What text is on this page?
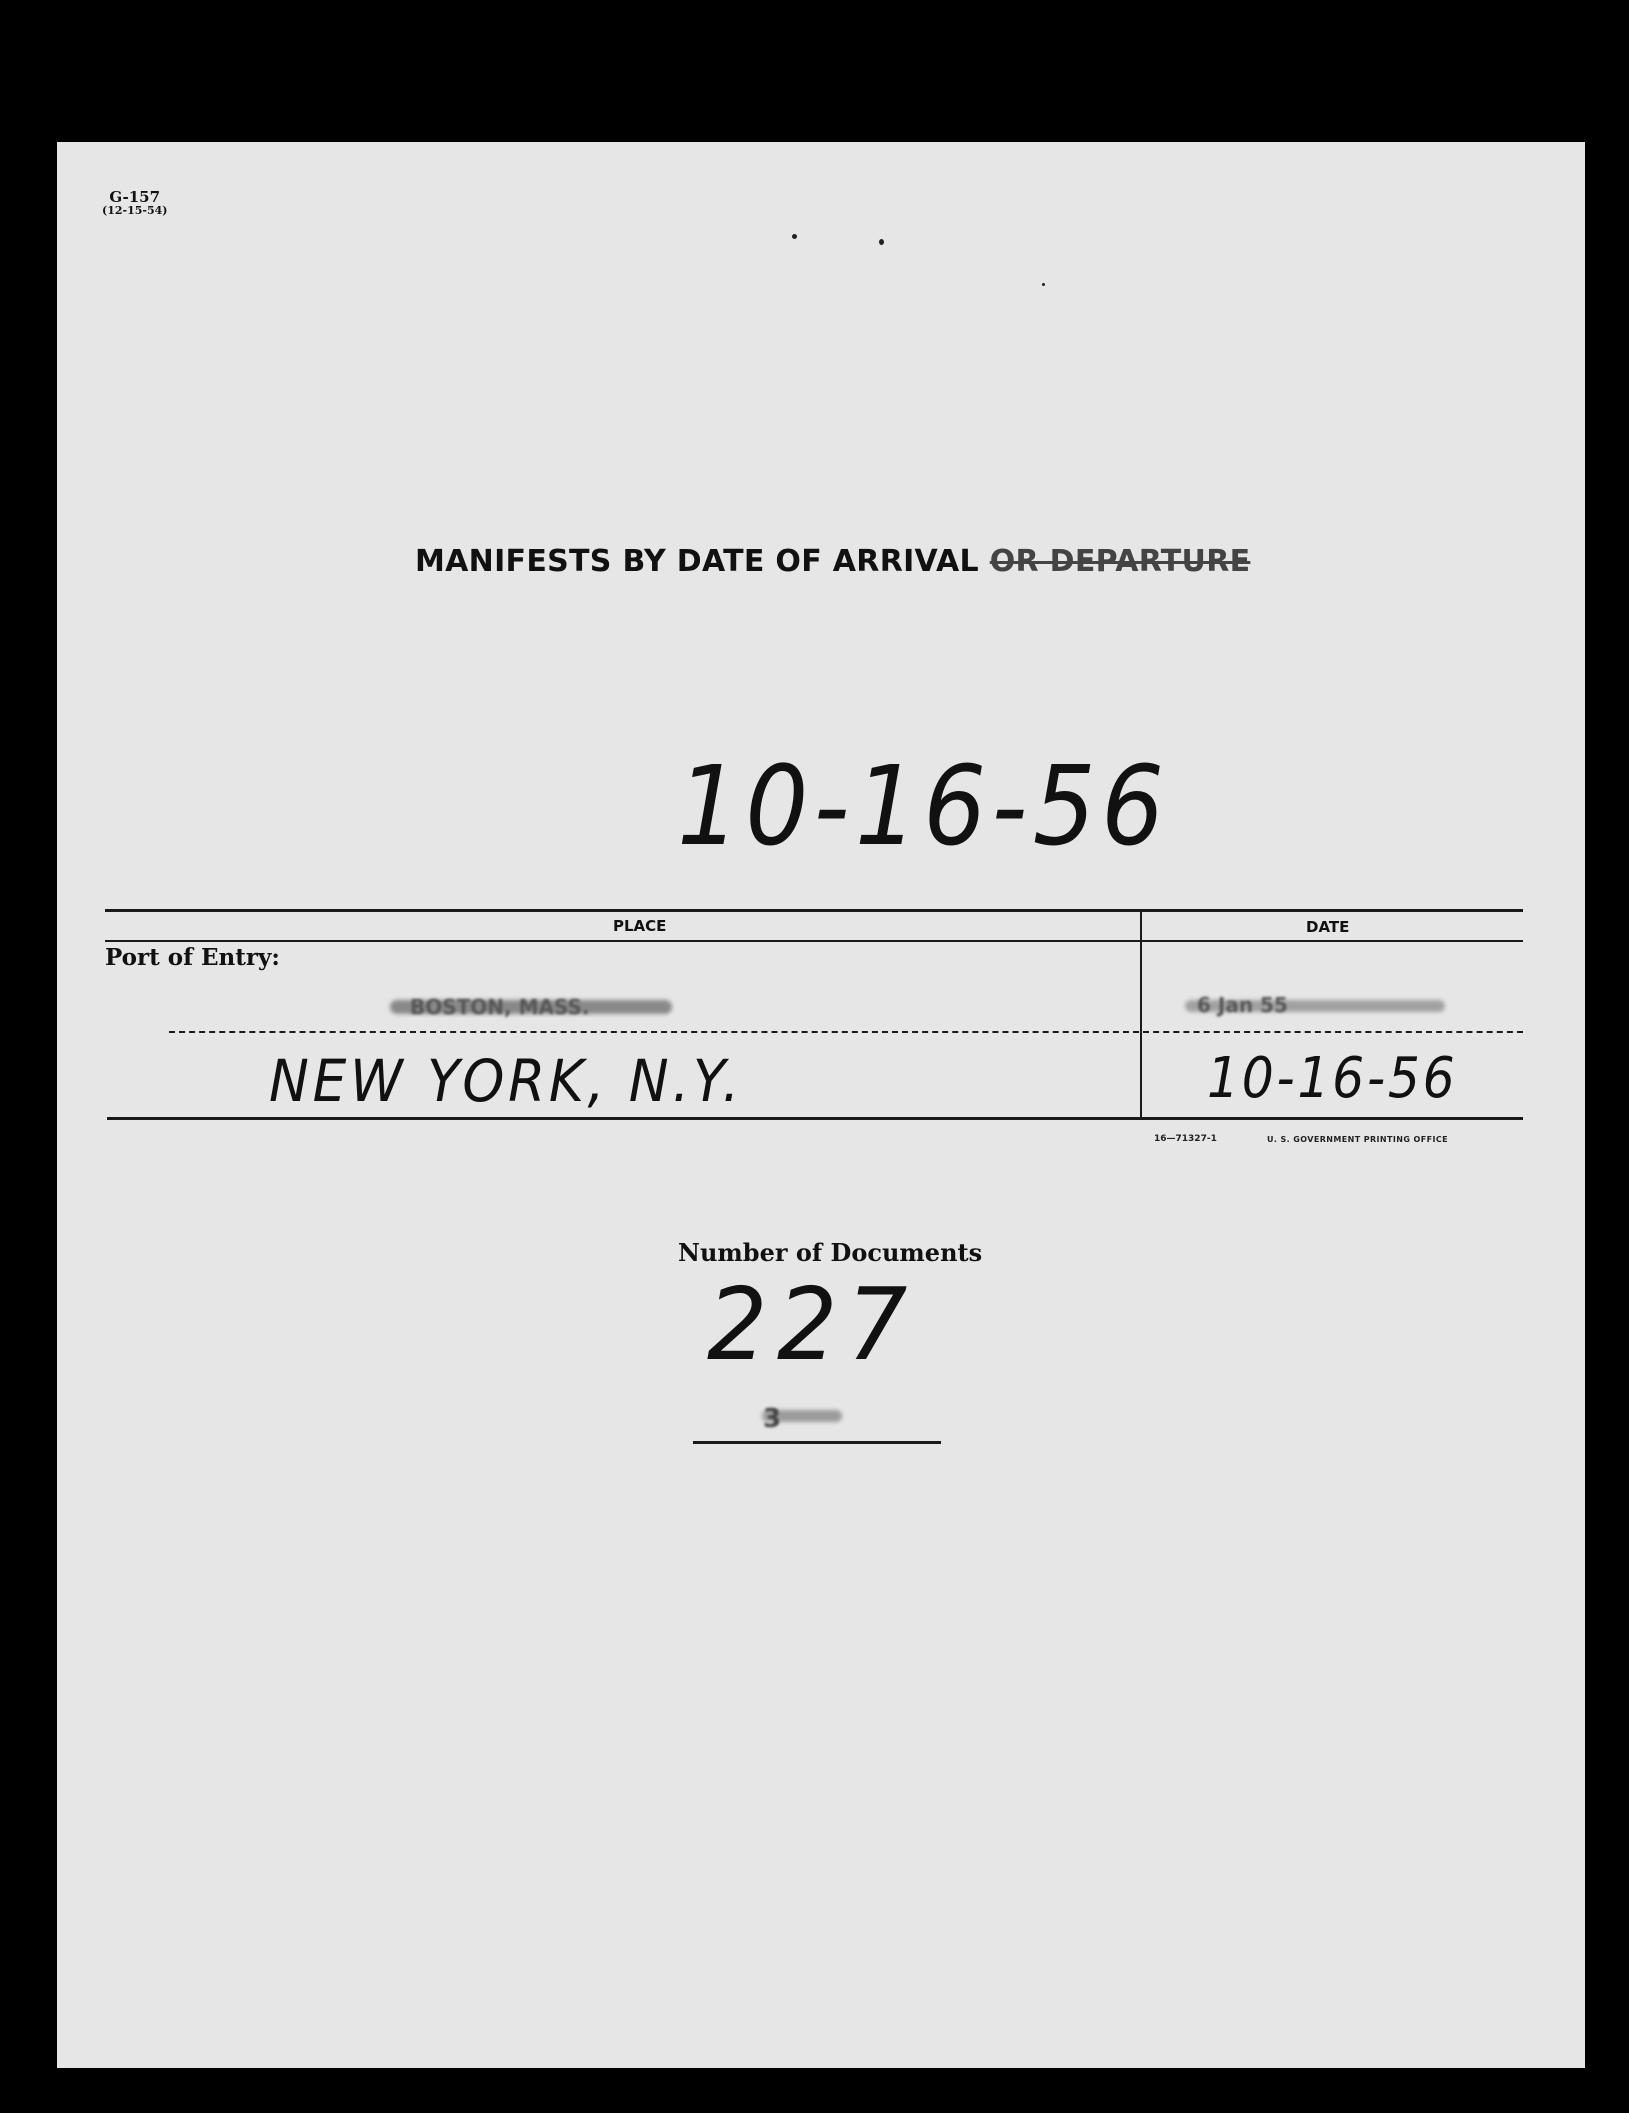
G-157
(12-15-54)
MANIFESTS BY DATE OF ARRIVAL OR DEPARTURE
10-16-56
PLACE	DATE
Port of Entry:
BOSTON, MASS.	6 Jan 55
NEW YORK, N.Y.	10-16-56
16—71327-1	U. S. GOVERNMENT PRINTING OFFICE
Number of Documents
227
3
